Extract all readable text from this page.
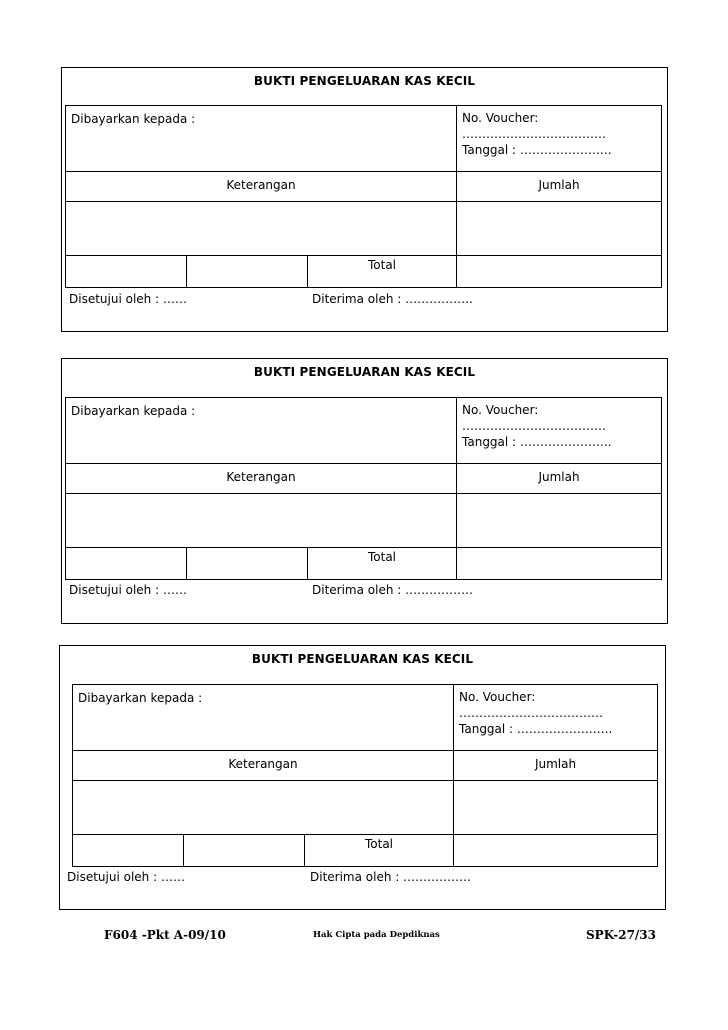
BUKTI PENGELUARAN KAS KECIL
Dibayarkan kepada :			No. Voucher:
………………………………
Tanggal : …………………..

Keterangan			Jumlah

		Total	

Disetujui oleh : ……	Diterima oleh : ……………..
BUKTI PENGELUARAN KAS KECIL
Dibayarkan kepada :			No. Voucher:
………………………………
Tanggal : …………………..

Keterangan			Jumlah

		Total	

Disetujui oleh : ……	Diterima oleh : ……………..
BUKTI PENGELUARAN KAS KECIL
Dibayarkan kepada :			No. Voucher:
………………………………
Tanggal : ……………….…..

Keterangan			Jumlah

		Total	

Disetujui oleh : ……	Diterima oleh : ……………..
F604 -Pkt A-09/10	Hak Cipta pada Depdiknas	SPK-27/33
